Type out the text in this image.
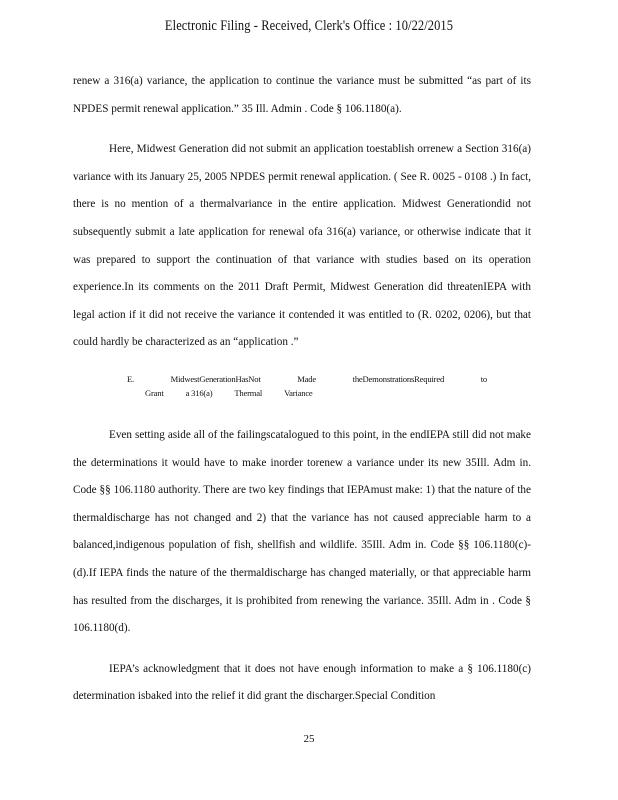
Electronic Filing - Received, Clerk's Office : 10/22/2015

renew a 316(a) variance, the application to continue the variance must be submitted “as part of its NPDES permit renewal application.” 35 Ill. Admin . Code § 106.1180(a).

Here, Midwest Generation did not submit an application toestablish orrenew a Section 316(a) variance with its January 25, 2005 NPDES permit renewal application. ( See R. 0025 - 0108 .) In fact, there is no mention of a thermalvariance in the entire application. Midwest Generationdid not subsequently submit a late application for renewal ofa 316(a) variance, or otherwise indicate that it was prepared to support the continuation of that variance with studies based on its operation experience.In its comments on the 2011 Draft Permit, Midwest Generation did threatenIEPA with legal action if it did not receive the variance it contended it was entitled to (R. 0202, 0206), but that could hardly be characterized as an “application .”

E.	MidwestGenerationHasNot	Made	theDemonstrationsRequired	to
Grant	a 316(a)	Thermal	Variance

Even setting aside all of the failingscatalogued to this point, in the endIEPA still did not make the determinations it would have to make inorder torenew a variance under its new 35Ill. Adm in. Code §§ 106.1180 authority. There are two key findings that IEPAmust make: 1) that the nature of the thermaldischarge has not changed and 2) that the variance has not caused appreciable harm to a balanced,indigenous population of fish, shellfish and wildlife. 35Ill. Adm in. Code §§ 106.1180(c)-(d).If IEPA finds the nature of the thermaldischarge has changed materially, or that appreciable harm has resulted from the discharges, it is prohibited from renewing the variance. 35Ill. Adm in . Code § 106.1180(d).

IEPA’s acknowledgment that it does not have enough information to make a § 106.1180(c) determination isbaked into the relief it did grant the discharger.Special Condition

25
